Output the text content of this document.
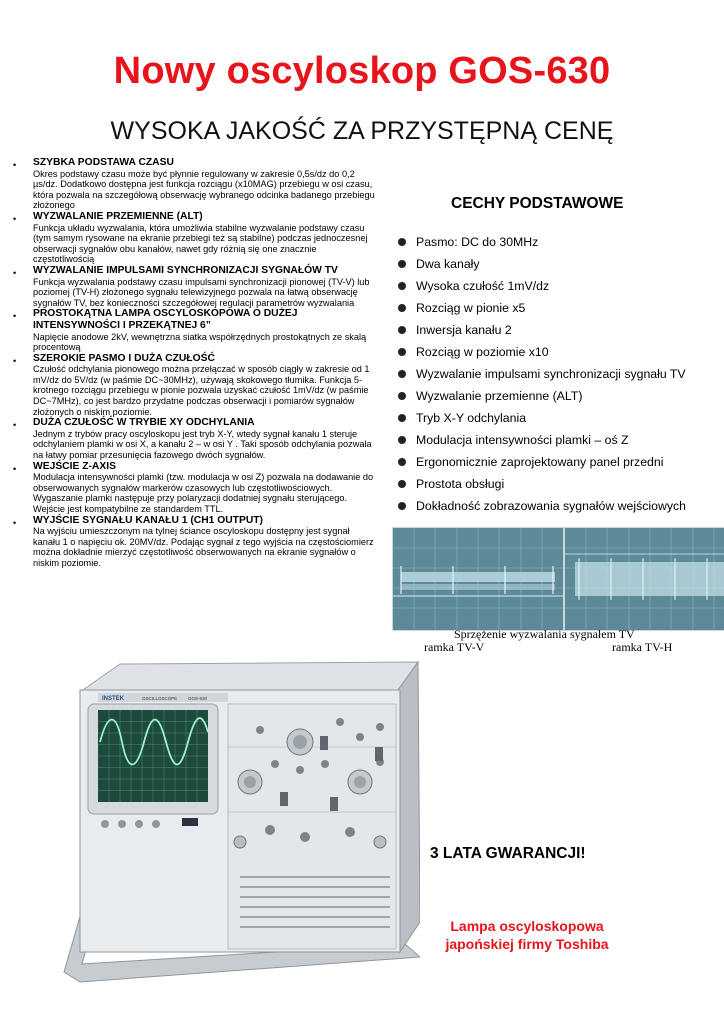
Nowy oscyloskop GOS-630
WYSOKA JAKOŚĆ ZA PRZYSTĘPNĄ CENĘ
• SZYBKA PODSTAWA CZASU

Okres podstawy czasu może być płynnie regulowany w zakresie 0,5s/dz do 0,2 µs/dz. Dodatkowo dostępna jest funkcja rozciągu (x10MAG) przebiegu w osi czasu, która pozwala na szczegółową obserwację wybranego odcinka badanego przebiegu złożonego

• WYZWALANIE PRZEMIENNE (ALT)

Funkcja układu wyzwalania, która umożliwia stabilne wyzwalanie podstawy czasu (tym samym rysowane na ekranie przebiegi też są stabilne) podczas jednoczesnej obserwacji sygnałów obu kanałów, nawet gdy różnią się one znacznie częstotliwością

• WYZWALANIE IMPULSAMI SYNCHRONIZACJI SYGNAŁÓW TV

Funkcja wyzwalania podstawy czasu impulsami synchronizacji pionowej (TV-V) lub poziomej (TV-H) złożonego sygnału telewizyjnego pozwala na łatwą obserwację sygnałów TV, bez konieczności szczegółowej regulacji parametrów wyzwalania

• PROSTOKĄTNA LAMPA OSCYLOSKOPOWA O DUŻEJ INTENSYWNOŚCI I PRZEKĄTNEJ 6”

Napięcie anodowe 2kV, wewnętrzna siatka współrzędnych prostokątnych ze skalą procentową

• SZEROKIE PASMO I DUŻA CZUŁOŚĆ

Czułość odchylania pionowego można przełączać w sposób ciągły w zakresie od 1 mV/dz do 5V/dz (w paśmie DC~30MHz), używają skokowego tłumika. Funkcja 5-krotnego rozciągu przebiegu w pionie pozwala uzyskać czułość 1mV/dz (w paśmie DC~7MHz), co jest bardzo przydatne podczas obserwacji i pomiarów sygnałów złożonych o niskim poziomie.

• DUŻA CZUŁOŚĆ W TRYBIE XY ODCHYLANIA

Jednym z trybów pracy oscyloskopu jest tryb X-Y, wtedy sygnał kanału 1 steruje odchylaniem plamki w osi X, a kanału 2 – w osi Y . Taki sposób odchylania pozwala na łatwy pomiar przesunięcia fazowego dwóch sygnałów.

• WEJŚCIE Z-AXIS

Modulacja intensywności plamki (tzw. modulacja w osi Z) pozwala na dodawanie do obserwowanych sygnałów markerów czasowych lub częstotliwościowych. Wygaszanie plamki następuje przy polaryzacji dodatniej sygnału sterującego. Wejście jest kompatybilne ze standardem TTL.

• WYJŚCIE SYGNAŁU KANAŁU 1 (CH1 OUTPUT)

Na wyjściu umieszczonym na tylnej ściance oscyloskopu dostępny jest sygnał kanału 1 o napięciu ok. 20MV/dz. Podając sygnał z tego wyjścia na częstościomierz można dokładnie mierzyć częstotliwość obserwowanych na ekranie sygnałów o niskim poziomie.

CECHY PODSTAWOWE
Pasmo: DC do 30MHz
Dwa kanały
Wysoka czułość 1mV/dz
Rozciąg w pionie x5
Inwersja kanału 2
Rozciąg w poziomie x10
Wyzwalanie impulsami synchronizacji sygnału TV
Wyzwalanie przemienne (ALT)
Tryb X-Y odchylania
Modulacja intensywności plamki – oś Z
Ergonomicznie zaprojektowany panel przedni
Prostota obsługi
Dokładność zobrazowania sygnałów wejściowych
Sprzężenie wyzwalania sygnałem TV
ramka TV-V	ramka TV-H
INSTEK	OSCILLOSCOPE GOS-630
3 LATA GWARANCJI!
Lampa oscyloskopowa
japońskiej firmy Toshiba
